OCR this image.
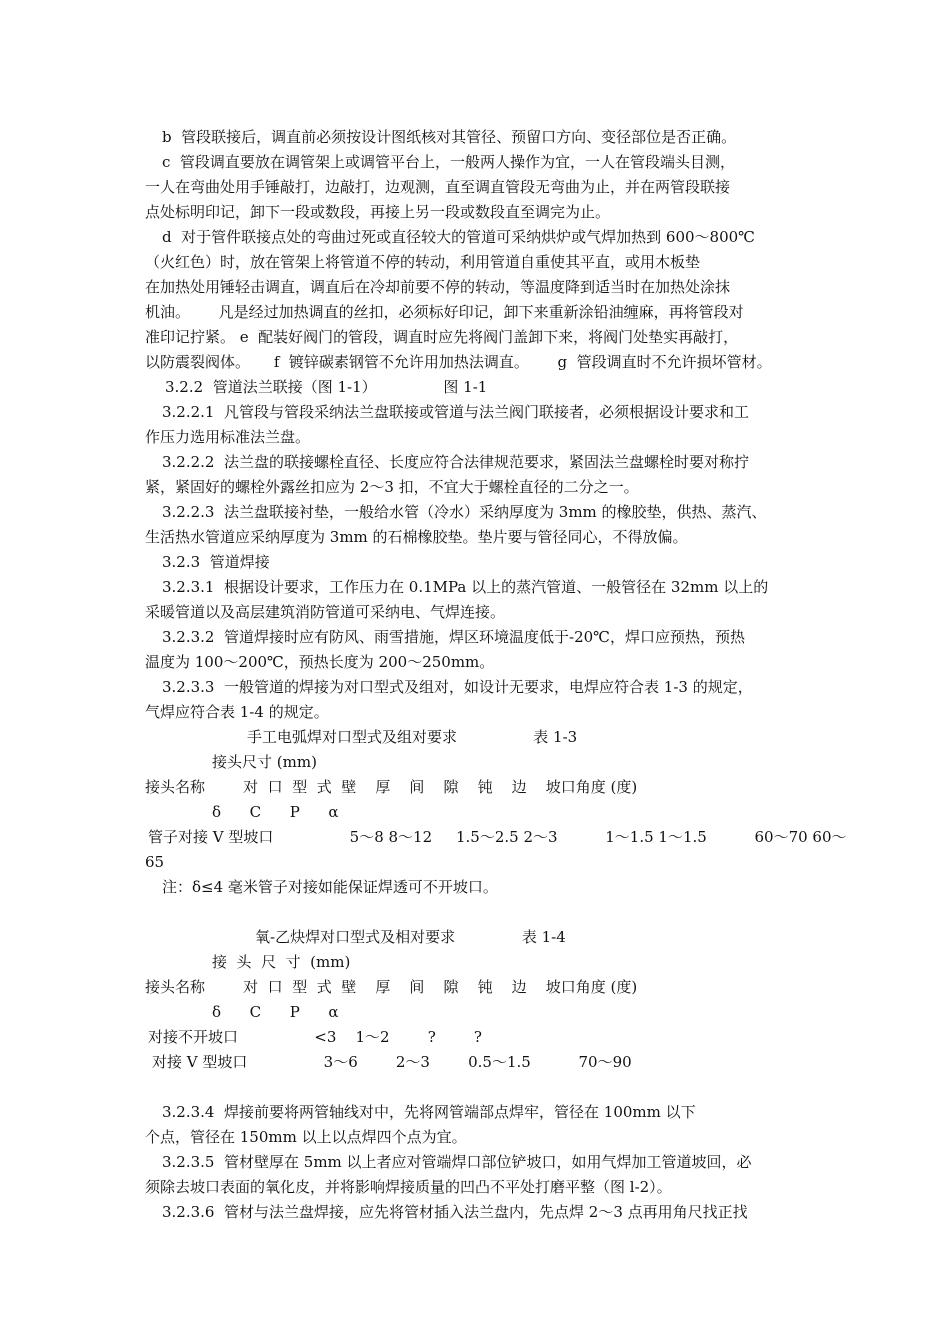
b  管段联接后，调直前必须按设计图纸核对其管径、预留口方向、变径部位是否正确。
c  管段调直要放在调管架上或调管平台上，一般两人操作为宜，一人在管段端头目测，
一人在弯曲处用手锤敲打，边敲打，边观测，直至调直管段无弯曲为止，并在两管段联接
点处标明印记，卸下一段或数段，再接上另一段或数段直至调完为止。
d  对于管件联接点处的弯曲过死或直径较大的管道可采纳烘炉或气焊加热到 600～800℃
（火红色）时，放在管架上将管道不停的转动，利用管道自重使其平直，或用木板垫
在加热处用锤轻击调直，调直后在冷却前要不停的转动，等温度降到适当时在加热处涂抹
机油。      凡是经过加热调直的丝扣，必须标好印记，卸下来重新涂铅油缠麻，再将管段对
准印记拧紧。 e  配装好阀门的管段，调直时应先将阀门盖卸下来，将阀门处垫实再敲打，
以防震裂阀体。     f  镀锌碳素钢管不允许用加热法调直。      g  管段调直时不允许损坏管材。
3.2.2  管道法兰联接（图 1-1）              图 1-1
3.2.2.1  凡管段与管段采纳法兰盘联接或管道与法兰阀门联接者，必须根据设计要求和工
作压力选用标准法兰盘。
3.2.2.2  法兰盘的联接螺栓直径、长度应符合法律规范要求，紧固法兰盘螺栓时要对称拧
紧，紧固好的螺栓外露丝扣应为 2～3 扣，不宜大于螺栓直径的二分之一。
3.2.2.3  法兰盘联接衬垫，一般给水管（冷水）采纳厚度为 3mm 的橡胶垫，供热、蒸汽、
生活热水管道应采纳厚度为 3mm 的石棉橡胶垫。垫片要与管径同心，不得放偏。
3.2.3  管道焊接
3.2.3.1  根据设计要求，工作压力在 0.1MPa 以上的蒸汽管道、一般管径在 32mm 以上的
采暖管道以及高层建筑消防管道可采纳电、气焊连接。
3.2.3.2  管道焊接时应有防风、雨雪措施，焊区环境温度低于-20℃，焊口应预热，预热
温度为 100～200℃，预热长度为 200～250mm。
3.2.3.3  一般管道的焊接为对口型式及组对，如设计无要求，电焊应符合表 1-3 的规定，
气焊应符合表 1-4 的规定。
手工电弧焊对口型式及组对要求                表 1-3
接头尺寸 (mm)
接头名称        对  口  型  式  壁    厚    间    隙    钝    边    坡口角度 (度)
δ      C      P      α
管子对接 V 型坡口                5～8 8～12     1.5～2.5 2～3          1～1.5 1～1.5          60～70 60～
65
注：δ≤4 毫米管子对接如能保证焊透可不开坡口。
氧-乙炔焊对口型式及相对要求              表 1-4
接  头  尺  寸  (mm)
接头名称        对  口  型  式  壁    厚    间    隙    钝    边    坡口角度 (度)
δ      C      P      α
对接不开坡口                <3    1～2        ?        ?
对接 V 型坡口                3～6        2～3        0.5～1.5          70～90
3.2.3.4  焊接前要将两管轴线对中，先将网管端部点焊牢，管径在 100mm 以下
个点，管径在 150mm 以上以点焊四个点为宜。
3.2.3.5  管材壁厚在 5mm 以上者应对管端焊口部位铲坡口，如用气焊加工管道坡回，必
须除去坡口表面的氧化皮，并将影响焊接质量的凹凸不平处打磨平整（图 l-2）。
3.2.3.6  管材与法兰盘焊接，应先将管材插入法兰盘内，先点焊 2～3 点再用角尺找正找
